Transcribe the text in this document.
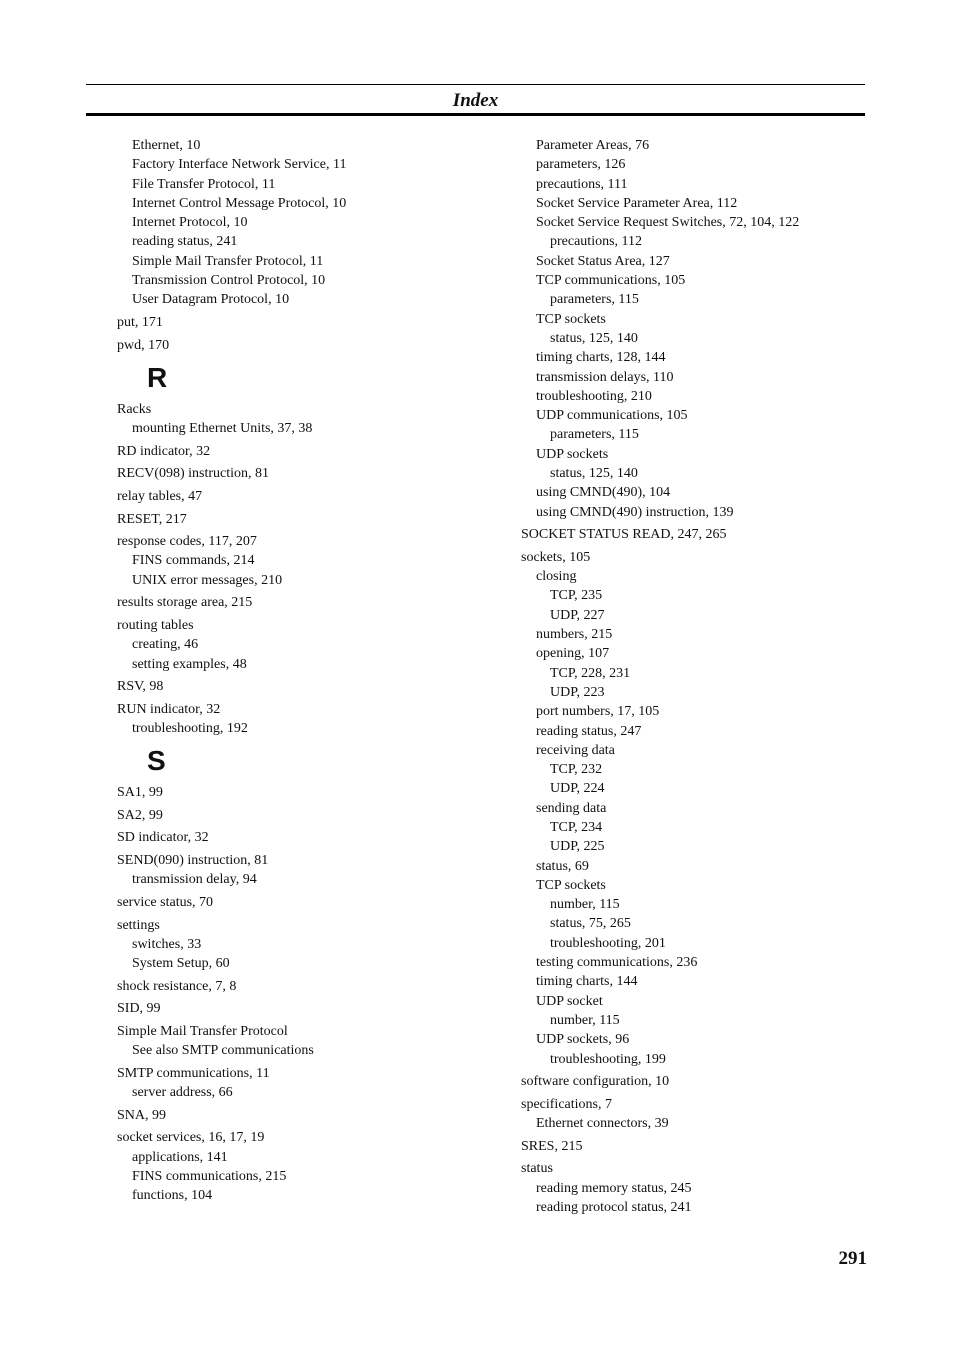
Index
Ethernet, 10
Factory Interface Network Service, 11
File Transfer Protocol, 11
Internet Control Message Protocol, 10
Internet Protocol, 10
reading status, 241
Simple Mail Transfer Protocol, 11
Transmission Control Protocol, 10
User Datagram Protocol, 10
put, 171
pwd, 170
R
Racks
mounting Ethernet Units, 37, 38
RD indicator, 32
RECV(098) instruction, 81
relay tables, 47
RESET, 217
response codes, 117, 207
FINS commands, 214
UNIX error messages, 210
results storage area, 215
routing tables
creating, 46
setting examples, 48
RSV, 98
RUN indicator, 32
troubleshooting, 192
S
SA1, 99
SA2, 99
SD indicator, 32
SEND(090) instruction, 81
transmission delay, 94
service status, 70
settings
switches, 33
System Setup, 60
shock resistance, 7, 8
SID, 99
Simple Mail Transfer Protocol
See also SMTP communications
SMTP communications, 11
server address, 66
SNA, 99
socket services, 16, 17, 19
applications, 141
FINS communications, 215
functions, 104
Parameter Areas, 76
parameters, 126
precautions, 111
Socket Service Parameter Area, 112
Socket Service Request Switches, 72, 104, 122
precautions, 112
Socket Status Area, 127
TCP communications, 105
parameters, 115
TCP sockets
status, 125, 140
timing charts, 128, 144
transmission delays, 110
troubleshooting, 210
UDP communications, 105
parameters, 115
UDP sockets
status, 125, 140
using CMND(490), 104
using CMND(490) instruction, 139
SOCKET STATUS READ, 247, 265
sockets, 105
closing
TCP, 235
UDP, 227
numbers, 215
opening, 107
TCP, 228, 231
UDP, 223
port numbers, 17, 105
reading status, 247
receiving data
TCP, 232
UDP, 224
sending data
TCP, 234
UDP, 225
status, 69
TCP sockets
number, 115
status, 75, 265
troubleshooting, 201
testing communications, 236
timing charts, 144
UDP socket
number, 115
UDP sockets, 96
troubleshooting, 199
software configuration, 10
specifications, 7
Ethernet connectors, 39
SRES, 215
status
reading memory status, 245
reading protocol status, 241
291
